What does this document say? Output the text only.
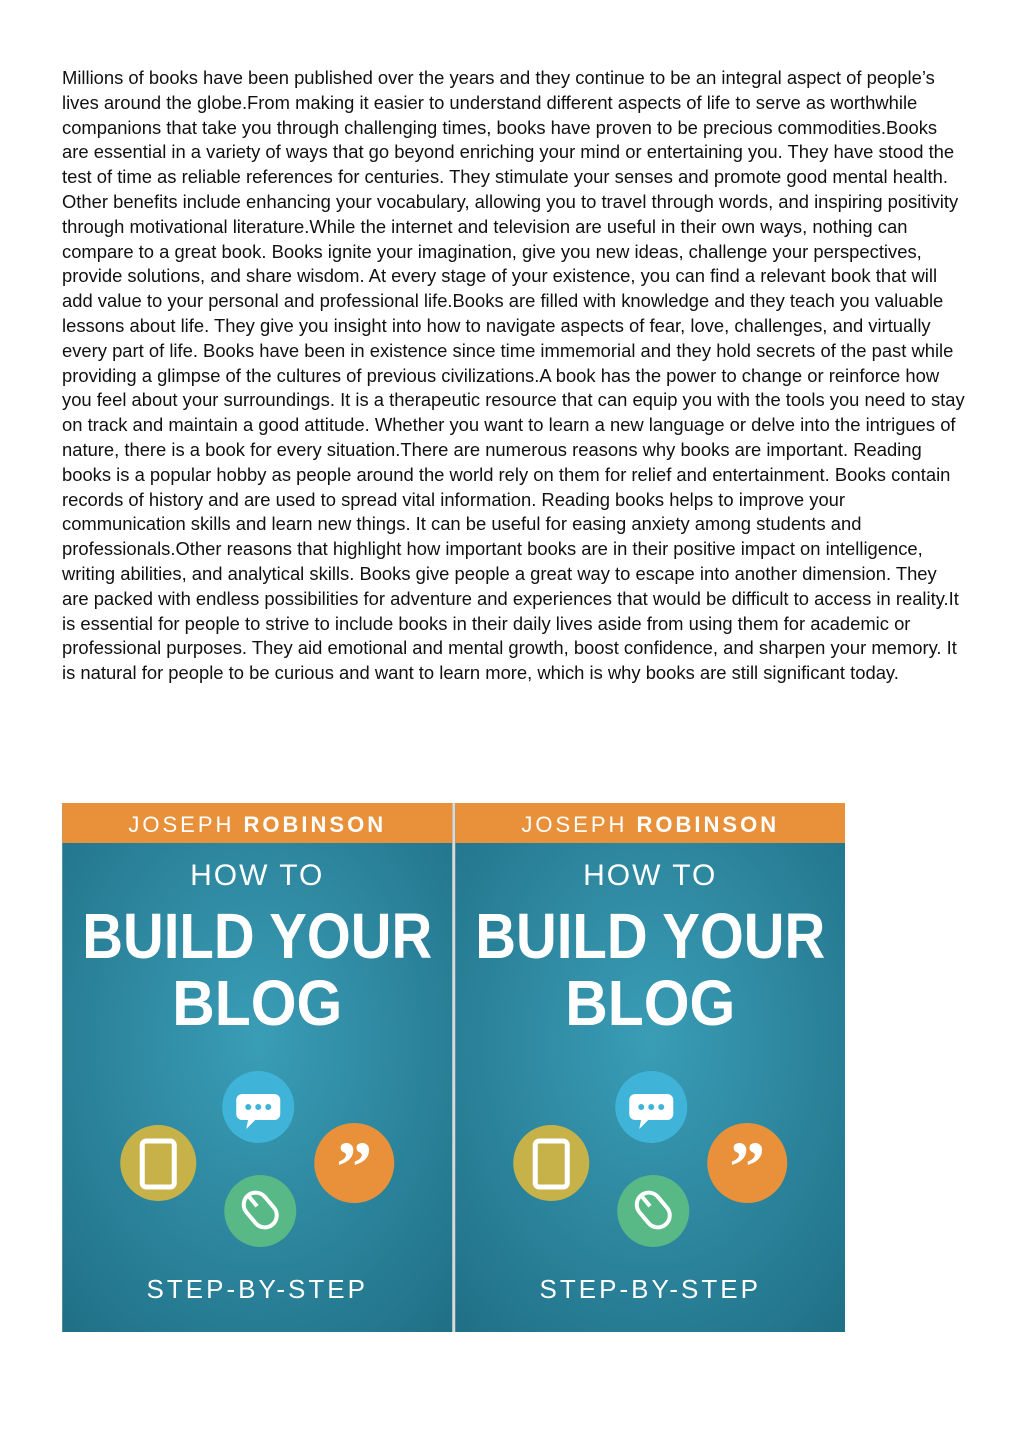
Millions of books have been published over the years and they continue to be an integral aspect of people’s lives around the globe.From making it easier to understand different aspects of life to serve as worthwhile companions that take you through challenging times, books have proven to be precious commodities.Books are essential in a variety of ways that go beyond enriching your mind or entertaining you. They have stood the test of time as reliable references for centuries. They stimulate your senses and promote good mental health. Other benefits include enhancing your vocabulary, allowing you to travel through words, and inspiring positivity through motivational literature.While the internet and television are useful in their own ways, nothing can compare to a great book. Books ignite your imagination, give you new ideas, challenge your perspectives, provide solutions, and share wisdom. At every stage of your existence, you can find a relevant book that will add value to your personal and professional life.Books are filled with knowledge and they teach you valuable lessons about life. They give you insight into how to navigate aspects of fear, love, challenges, and virtually every part of life. Books have been in existence since time immemorial and they hold secrets of the past while providing a glimpse of the cultures of previous civilizations.A book has the power to change or reinforce how you feel about your surroundings. It is a therapeutic resource that can equip you with the tools you need to stay on track and maintain a good attitude. Whether you want to learn a new language or delve into the intrigues of nature, there is a book for every situation.There are numerous reasons why books are important. Reading books is a popular hobby as people around the world rely on them for relief and entertainment. Books contain records of history and are used to spread vital information. Reading books helps to improve your communication skills and learn new things. It can be useful for easing anxiety among students and professionals.Other reasons that highlight how important books are in their positive impact on intelligence, writing abilities, and analytical skills. Books give people a great way to escape into another dimension. They are packed with endless possibilities for adventure and experiences that would be difficult to access in reality.It is essential for people to strive to include books in their daily lives aside from using them for academic or professional purposes. They aid emotional and mental growth, boost confidence, and sharpen your memory. It is natural for people to be curious and want to learn more, which is why books are still significant today.

JOSEPH ROBINSON
HOW TO
BUILD YOUR
BLOG
”
STEP-BY-STEP
JOSEPH ROBINSON
HOW TO
BUILD YOUR
BLOG
”
STEP-BY-STEP
